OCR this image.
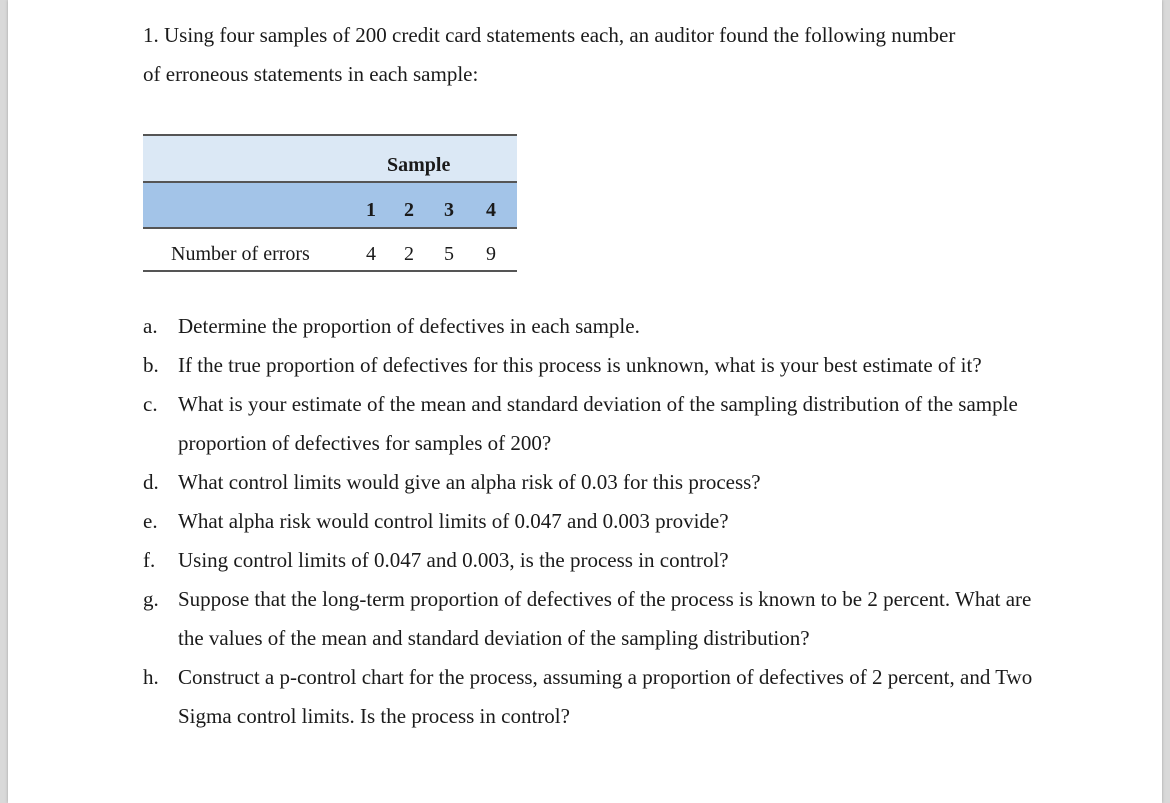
1. Using four samples of 200 credit card statements each, an auditor found the following number

of erroneous statements in each sample:

Sample
1 2 3 4
Number of errors	4 2 5 9
a. Determine the proportion of defectives in each sample.
b. If the true proportion of defectives for this process is unknown, what is your best estimate of it?
c. What is your estimate of the mean and standard deviation of the sampling distribution of the sample proportion of defectives for samples of 200?
d. What control limits would give an alpha risk of 0.03 for this process?
e. What alpha risk would control limits of 0.047 and 0.003 provide?
f. Using control limits of 0.047 and 0.003, is the process in control?
g. Suppose that the long-term proportion of defectives of the process is known to be 2 percent. What are the values of the mean and standard deviation of the sampling distribution?
h. Construct a p-control chart for the process, assuming a proportion of defectives of 2 percent, and Two Sigma control limits. Is the process in control?
